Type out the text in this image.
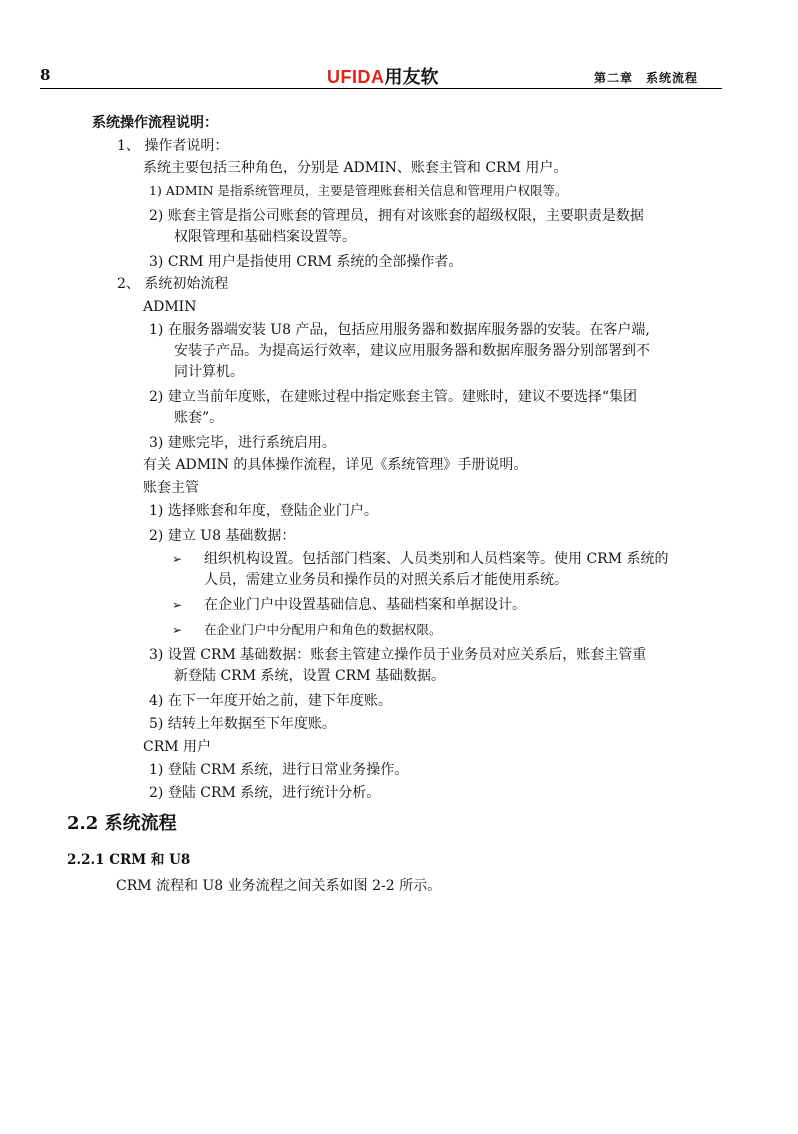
8	UFIDA用友软	第二章　系统流程
系统操作流程说明：
1、 操作者说明：
系统主要包括三种角色，分别是 ADMIN、账套主管和 CRM 用户。
1) ADMIN 是指系统管理员，主要是管理账套相关信息和管理用户权限等。
2) 账套主管是指公司账套的管理员，拥有对该账套的超级权限，主要职责是数据
权限管理和基础档案设置等。
3) CRM 用户是指使用 CRM 系统的全部操作者。
2、 系统初始流程
ADMIN
1) 在服务器端安装 U8 产品，包括应用服务器和数据库服务器的安装。在客户端,
安装子产品。为提高运行效率，建议应用服务器和数据库服务器分别部署到不
同计算机。
2) 建立当前年度账，在建账过程中指定账套主管。建账时，建议不要选择“集团
账套”。
3) 建账完毕，进行系统启用。
有关 ADMIN 的具体操作流程，详见《系统管理》手册说明。
账套主管
1) 选择账套和年度，登陆企业门户。
2) 建立 U8 基础数据：
➢ 组织机构设置。包括部门档案、人员类别和人员档案等。使用 CRM 系统的
人员，需建立业务员和操作员的对照关系后才能使用系统。
➢ 在企业门户中设置基础信息、基础档案和单据设计。
➢ 在企业门户中分配用户和角色的数据权限。
3) 设置 CRM 基础数据：账套主管建立操作员于业务员对应关系后，账套主管重
新登陆 CRM 系统，设置 CRM 基础数据。
4) 在下一年度开始之前，建下年度账。
5) 结转上年数据至下年度账。
CRM 用户
1) 登陆 CRM 系统，进行日常业务操作。
2) 登陆 CRM 系统，进行统计分析。
2.2 系统流程
2.2.1 CRM 和 U8
CRM 流程和 U8 业务流程之间关系如图 2-2 所示。
